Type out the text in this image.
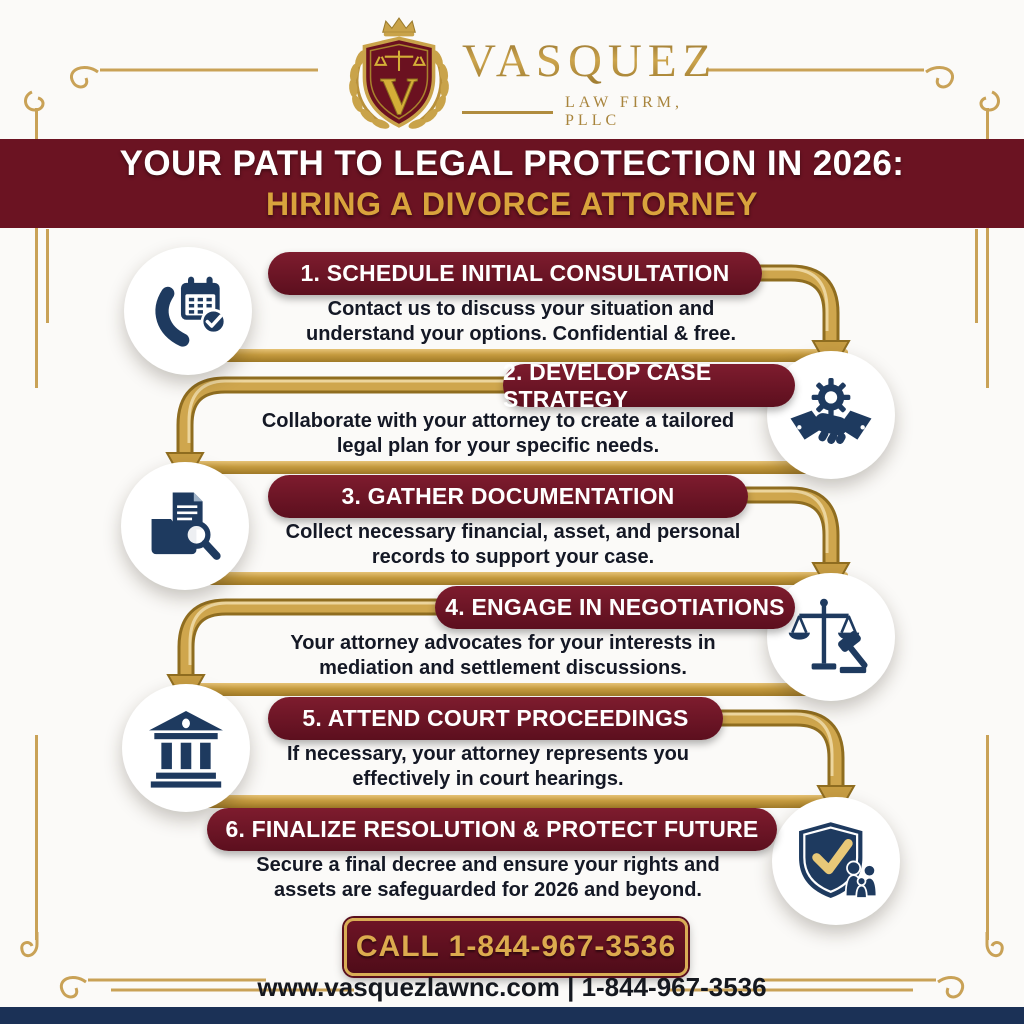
V
VASQUEZ
LAW FIRM, PLLC
YOUR PATH TO LEGAL PROTECTION IN 2026:
HIRING A DIVORCE ATTORNEY
1. SCHEDULE INITIAL CONSULTATION
Contact us to discuss your situation and
understand your options. Confidential & free.
2. DEVELOP CASE STRATEGY
Collaborate with your attorney to create a tailored
legal plan for your specific needs.
3. GATHER DOCUMENTATION
Collect necessary financial, asset, and personal
records to support your case.
4. ENGAGE IN NEGOTIATIONS
Your attorney advocates for your interests in
mediation and settlement discussions.
5. ATTEND COURT PROCEEDINGS
If necessary, your attorney represents you
effectively in court hearings.
6. FINALIZE RESOLUTION & PROTECT FUTURE
Secure a final decree and ensure your rights and
assets are safeguarded for 2026 and beyond.
CALL 1-844-967-3536
www.vasquezlawnc.com | 1-844-967-3536
